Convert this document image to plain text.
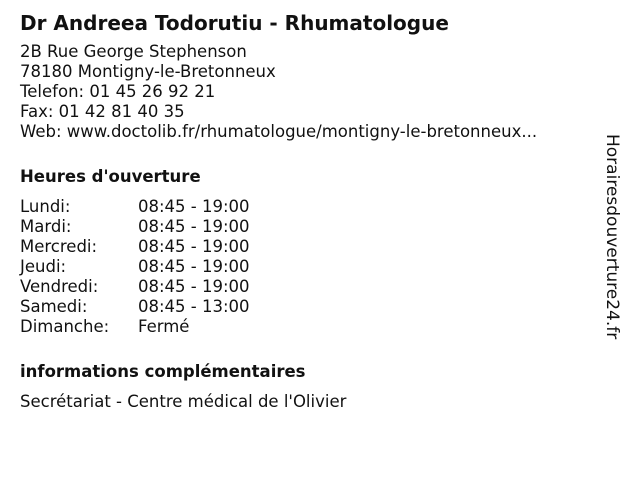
Dr Andreea Todorutiu - Rhumatologue
2B Rue George Stephenson
78180 Montigny-le-Bretonneux
Telefon: 01 45 26 92 21
Fax: 01 42 81 40 35
Web: www.doctolib.fr/rhumatologue/montigny-le-bretonneux...
Heures d'ouverture
Lundi:	08:45 - 19:00
Mardi:	08:45 - 19:00
Mercredi:	08:45 - 19:00
Jeudi:	08:45 - 19:00
Vendredi:	08:45 - 19:00
Samedi:	08:45 - 13:00
Dimanche:	Fermé
informations complémentaires
Secrétariat - Centre médical de l'Olivier
Horairesdouverture24.fr
